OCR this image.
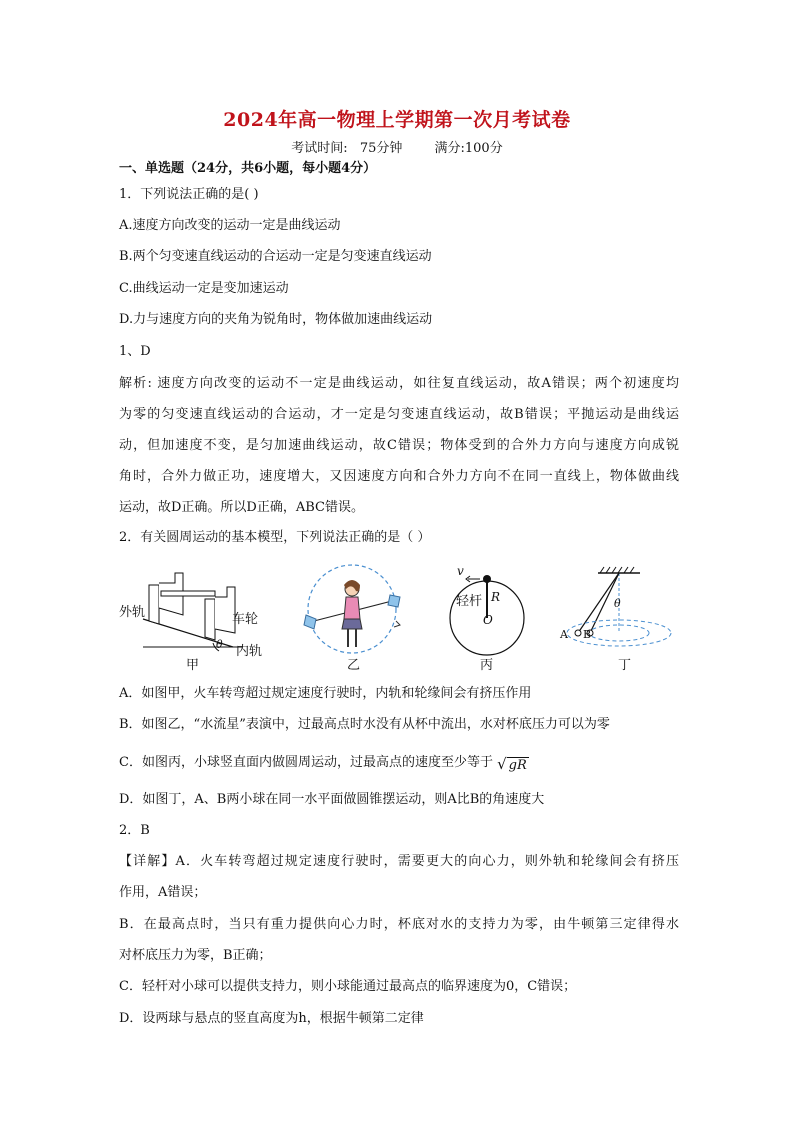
2024年高一物理上学期第一次月考试卷
考试时间: 75分钟 满分:100分
一、单选题（24分，共6小题，每小题4分）
1．下列说法正确的是( )
A.速度方向改变的运动一定是曲线运动
B.两个匀变速直线运动的合运动一定是匀变速直线运动
C.曲线运动一定是变加速运动
D.力与速度方向的夹角为锐角时，物体做加速曲线运动
1、D
解析: 速度方向改变的运动不一定是曲线运动，如往复直线运动，故A错误；两个初速度均
为零的匀变速直线运动的合运动，才一定是匀变速直线运动，故B错误；平抛运动是曲线运
动，但加速度不变，是匀加速曲线运动，故C错误；物体受到的合外力方向与速度方向成锐
角时，合外力做正功，速度增大，又因速度方向和合外力方向不在同一直线上，物体做曲线
运动，故D正确。所以D正确，ABC错误。
2．有关圆周运动的基本模型，下列说法正确的是（ ）
外轨	车轮
内轨
θ
甲	乙
v
轻杆 R
O
丙
θ
A B
丁
A．如图甲，火车转弯超过规定速度行驶时，内轨和轮缘间会有挤压作用
B．如图乙，“水流星”表演中，过最高点时水没有从杯中流出，水对杯底压力可以为零
C．如图丙，小球竖直面内做圆周运动，过最高点的速度至少等于 √ gR
D．如图丁，A、B两小球在同一水平面做圆锥摆运动，则A比B的角速度大
2．B
【详解】A．火车转弯超过规定速度行驶时，需要更大的向心力，则外轨和轮缘间会有挤压
作用，A错误；
B．在最高点时，当只有重力提供向心力时，杯底对水的支持力为零，由牛顿第三定律得水
对杯底压力为零，B正确；
C．轻杆对小球可以提供支持力，则小球能通过最高点的临界速度为0，C错误；
D．设两球与悬点的竖直高度为h，根据牛顿第二定律
